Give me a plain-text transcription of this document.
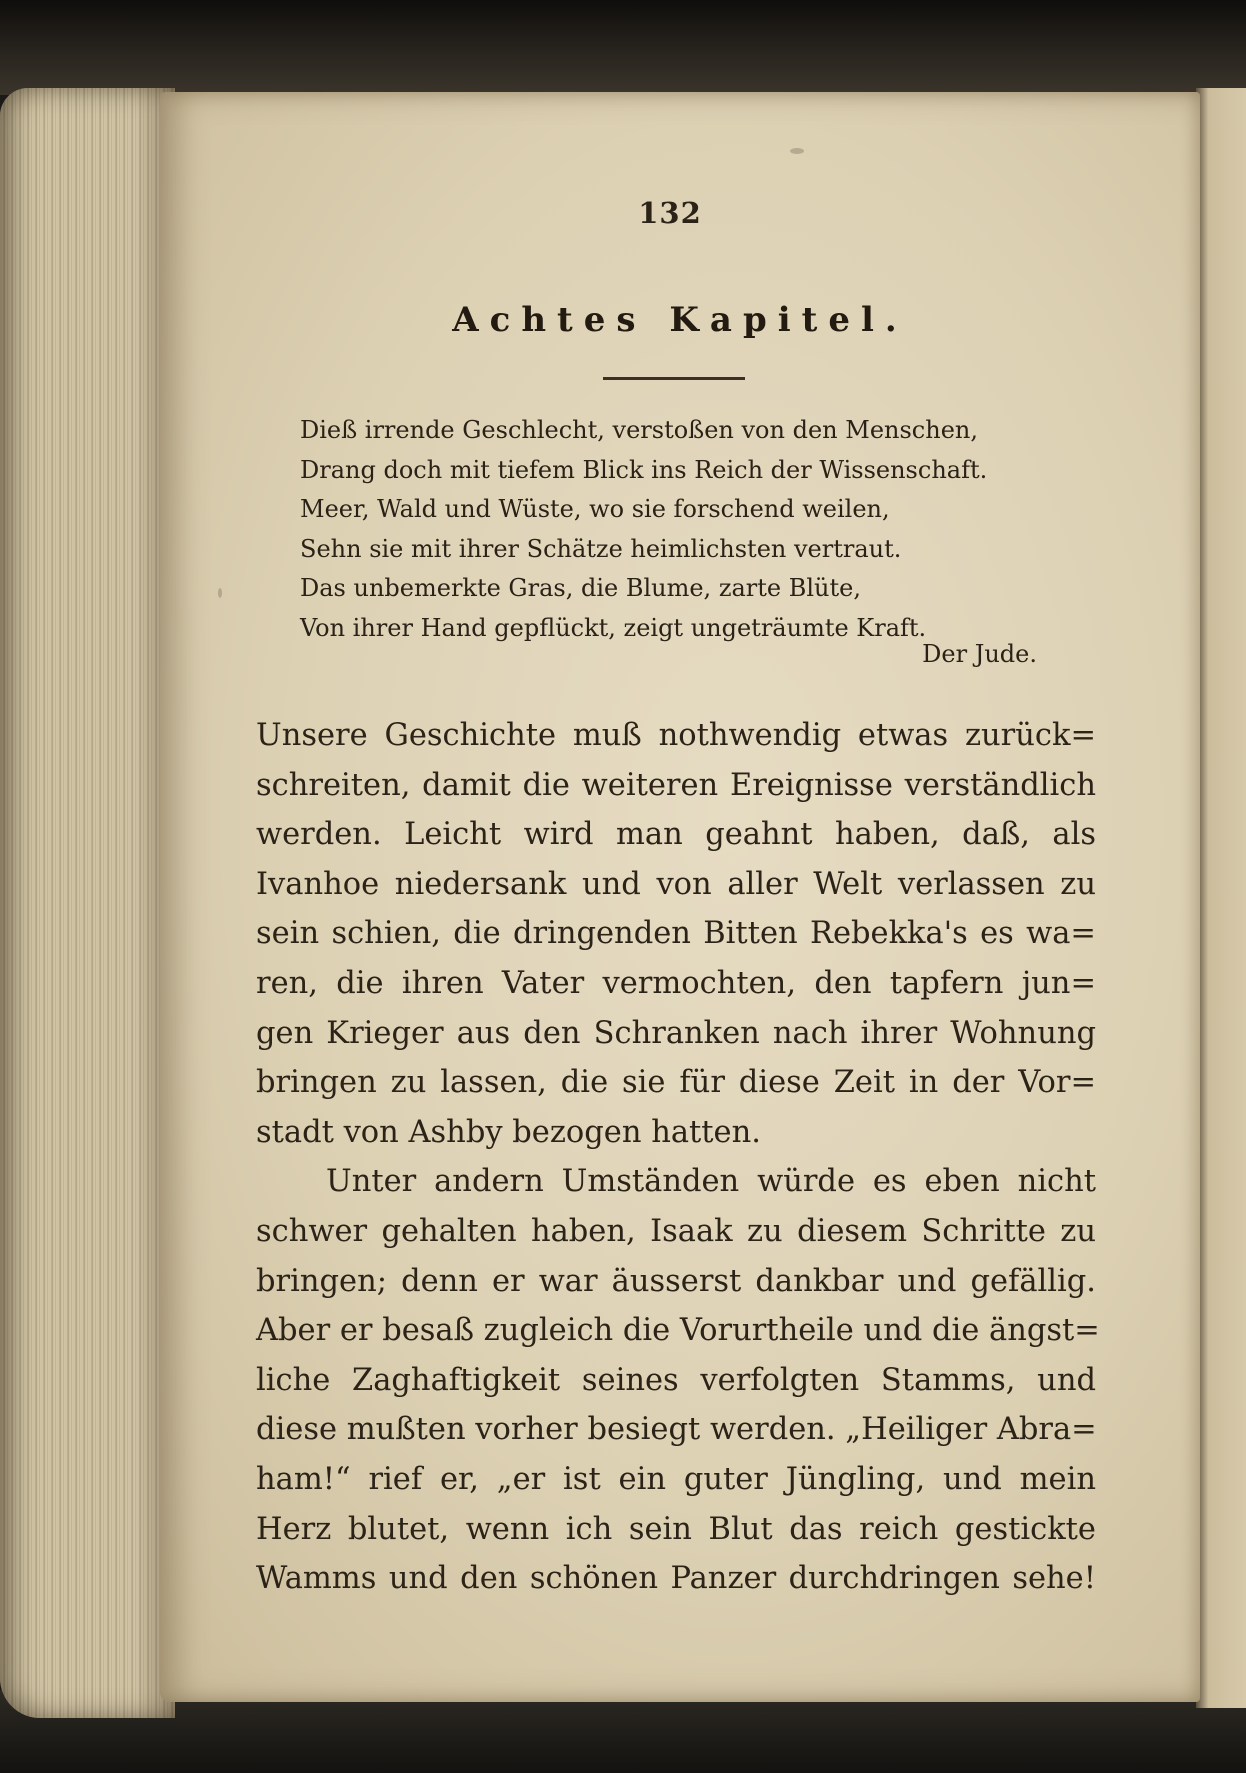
132
Achtes Kapitel.
Dieß irrende Geschlecht, verstoßen von den Menschen,
Drang doch mit tiefem Blick ins Reich der Wissenschaft.
Meer, Wald und Wüste, wo sie forschend weilen,
Sehn sie mit ihrer Schätze heimlichsten vertraut.
Das unbemerkte Gras, die Blume, zarte Blüte,
Von ihrer Hand gepflückt, zeigt ungeträumte Kraft.
Der Jude.
Unsere Geschichte muß nothwendig etwas zurück=
schreiten, damit die weiteren Ereignisse verständlich
werden. Leicht wird man geahnt haben, daß, als
Ivanhoe niedersank und von aller Welt verlassen zu
sein schien, die dringenden Bitten Rebekka's es wa=
ren, die ihren Vater vermochten, den tapfern jun=
gen Krieger aus den Schranken nach ihrer Wohnung
bringen zu lassen, die sie für diese Zeit in der Vor=
stadt von Ashby bezogen hatten.
Unter andern Umständen würde es eben nicht
schwer gehalten haben, Isaak zu diesem Schritte zu
bringen; denn er war äusserst dankbar und gefällig.
Aber er besaß zugleich die Vorurtheile und die ängst=
liche Zaghaftigkeit seines verfolgten Stamms, und
diese mußten vorher besiegt werden. „Heiliger Abra=
ham!“ rief er, „er ist ein guter Jüngling, und mein
Herz blutet, wenn ich sein Blut das reich gestickte
Wamms und den schönen Panzer durchdringen sehe!
